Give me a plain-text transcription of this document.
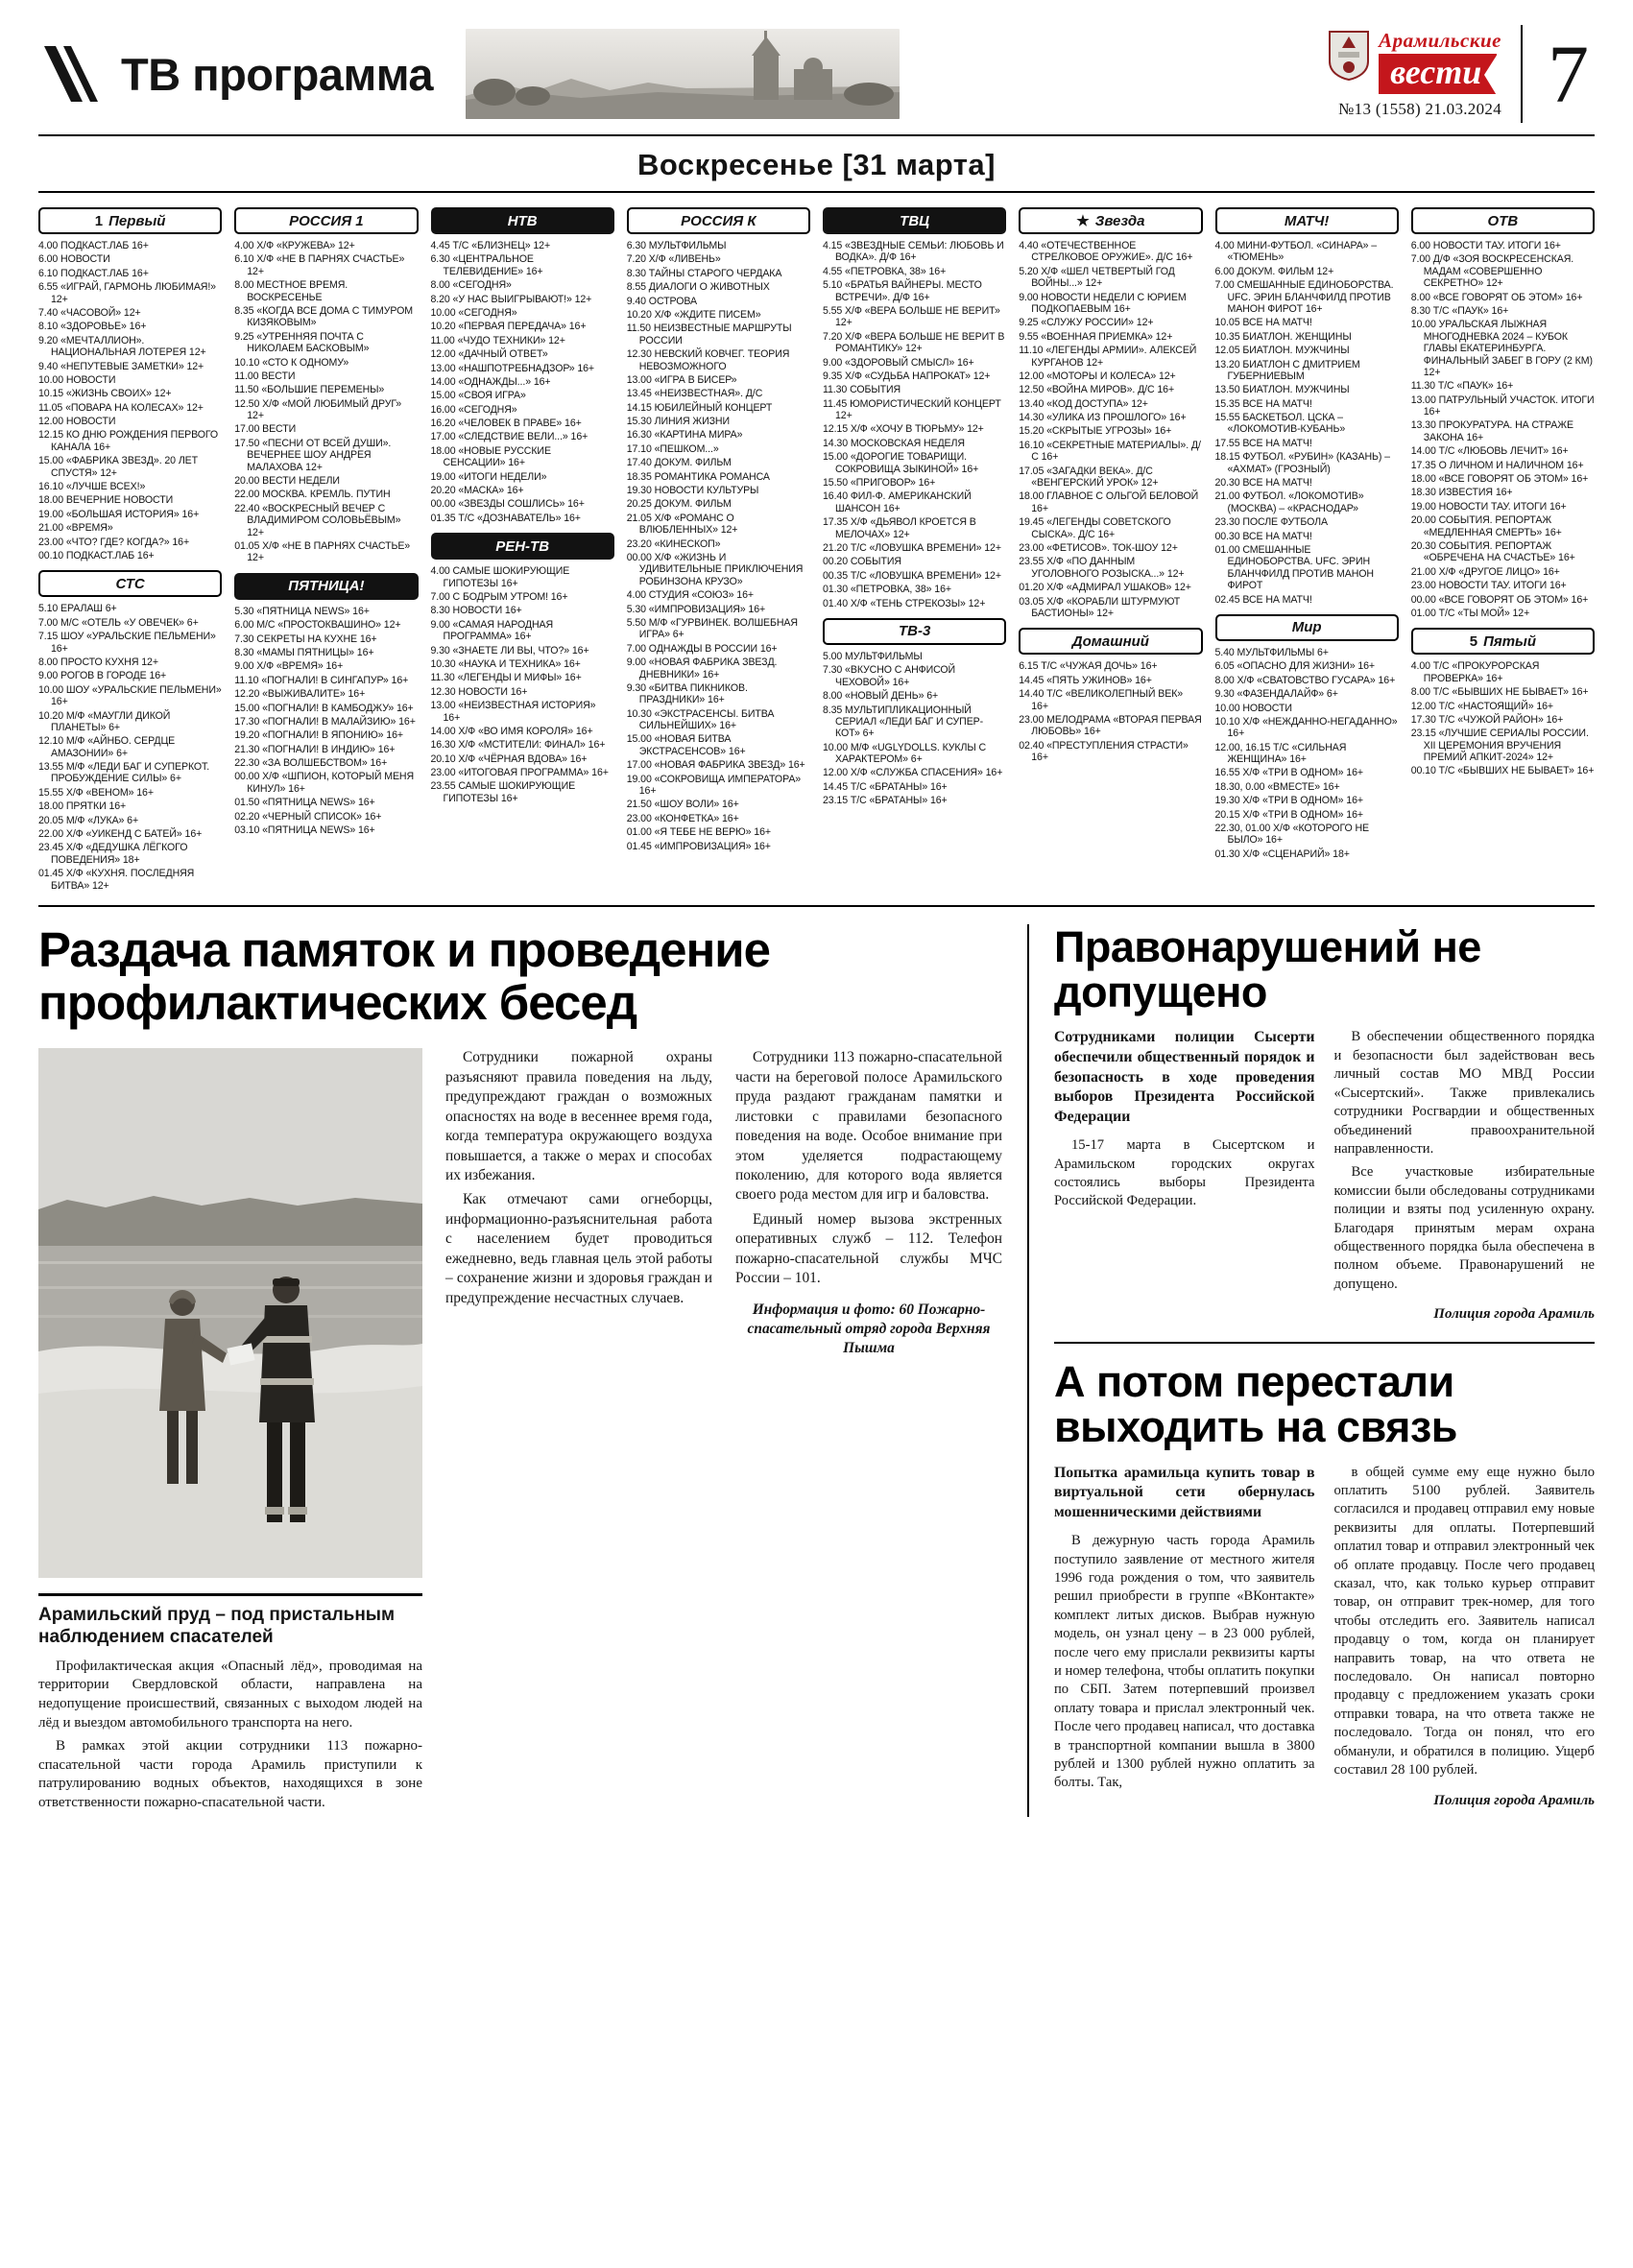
ТВ программа
Арамильские
вести
№13 (1558) 21.03.2024 7
Воскресенье [31 марта]
1 Первый
4.00 ПОДКАСТ.ЛАБ 16+
6.00 НОВОСТИ
6.10 ПОДКАСТ.ЛАБ 16+
6.55 «ИГРАЙ, ГАРМОНЬ ЛЮБИМАЯ!» 12+
7.40 «ЧАСОВОЙ» 12+
8.10 «ЗДОРОВЬЕ» 16+
9.20 «МЕЧТАЛЛИОН». НАЦИОНАЛЬНАЯ ЛОТЕРЕЯ 12+
9.40 «НЕПУТЕВЫЕ ЗАМЕТКИ» 12+
10.00 НОВОСТИ
10.15 «ЖИЗНЬ СВОИХ» 12+
11.05 «ПОВАРА НА КОЛЕСАХ» 12+
12.00 НОВОСТИ
12.15 КО ДНЮ РОЖДЕНИЯ ПЕРВОГО КАНАЛА 16+
15.00 «ФАБРИКА ЗВЕЗД». 20 ЛЕТ СПУСТЯ» 12+
16.10 «ЛУЧШЕ ВСЕХ!»
18.00 ВЕЧЕРНИЕ НОВОСТИ
19.00 «БОЛЬШАЯ ИСТОРИЯ» 16+
21.00 «ВРЕМЯ»
23.00 «ЧТО? ГДЕ? КОГДА?» 16+
00.10 ПОДКАСТ.ЛАБ 16+
СТС
5.10 ЕРАЛАШ 6+
7.00 М/С «ОТЕЛЬ «У ОВЕЧЕК» 6+
7.15 ШОУ «УРАЛЬСКИЕ ПЕЛЬМЕНИ» 16+
8.00 ПРОСТО КУХНЯ 12+
9.00 РОГОВ В ГОРОДЕ 16+
10.00 ШОУ «УРАЛЬСКИЕ ПЕЛЬМЕНИ» 16+
10.20 М/Ф «МАУГЛИ ДИКОЙ ПЛАНЕТЫ» 6+
12.10 М/Ф «АЙНБО. СЕРДЦЕ АМАЗОНИИ» 6+
13.55 М/Ф «ЛЕДИ БАГ И СУПЕРКОТ. ПРОБУЖДЕНИЕ СИЛЫ» 6+
15.55 Х/Ф «ВЕНОМ» 16+
18.00 ПРЯТКИ 16+
20.05 М/Ф «ЛУКА» 6+
22.00 Х/Ф «УИКЕНД С БАТЕЙ» 16+
23.45 Х/Ф «ДЕДУШКА ЛЁГКОГО ПОВЕДЕНИЯ» 18+
01.45 Х/Ф «КУХНЯ. ПОСЛЕДНЯЯ БИТВА» 12+
РОССИЯ 1
4.00 Х/Ф «КРУЖЕВА» 12+
6.10 Х/Ф «НЕ В ПАРНЯХ СЧАСТЬЕ» 12+
8.00 МЕСТНОЕ ВРЕМЯ. ВОСКРЕСЕНЬЕ
8.35 «КОГДА ВСЕ ДОМА С ТИМУРОМ КИЗЯКОВЫМ»
9.25 «УТРЕННЯЯ ПОЧТА С НИКОЛАЕМ БАСКОВЫМ»
10.10 «СТО К ОДНОМУ»
11.00 ВЕСТИ
11.50 «БОЛЬШИЕ ПЕРЕМЕНЫ»
12.50 Х/Ф «МОЙ ЛЮБИМЫЙ ДРУГ» 12+
17.00 ВЕСТИ
17.50 «ПЕСНИ ОТ ВСЕЙ ДУШИ». ВЕЧЕРНЕЕ ШОУ АНДРЕЯ МАЛАХОВА 12+
20.00 ВЕСТИ НЕДЕЛИ
22.00 МОСКВА. КРЕМЛЬ. ПУТИН
22.40 «ВОСКРЕСНЫЙ ВЕЧЕР С ВЛАДИМИРОМ СОЛОВЬЁВЫМ» 12+
01.05 Х/Ф «НЕ В ПАРНЯХ СЧАСТЬЕ» 12+
ПЯТНИЦА!
5.30 «ПЯТНИЦА NEWS» 16+
6.00 М/С «ПРОСТОКВАШИНО» 12+
7.30 СЕКРЕТЫ НА КУХНЕ 16+
8.30 «МАМЫ ПЯТНИЦЫ» 16+
9.00 Х/Ф «ВРЕМЯ» 16+
11.10 «ПОГНАЛИ! В СИНГАПУР» 16+
12.20 «ВЫЖИВАЛИТЕ» 16+
15.00 «ПОГНАЛИ! В КАМБОДЖУ» 16+
17.30 «ПОГНАЛИ! В МАЛАЙЗИЮ» 16+
19.20 «ПОГНАЛИ! В ЯПОНИЮ» 16+
21.30 «ПОГНАЛИ! В ИНДИЮ» 16+
22.30 «ЗА ВОЛШЕБСТВОМ» 16+
00.00 Х/Ф «ШПИОН, КОТОРЫЙ МЕНЯ КИНУЛ» 16+
01.50 «ПЯТНИЦА NEWS» 16+
02.20 «ЧЕРНЫЙ СПИСОК» 16+
03.10 «ПЯТНИЦА NEWS» 16+
НТВ
4.45 Т/С «БЛИЗНЕЦ» 12+
6.30 «ЦЕНТРАЛЬНОЕ ТЕЛЕВИДЕНИЕ» 16+
8.00 «СЕГОДНЯ»
8.20 «У НАС ВЫИГРЫВАЮТ!» 12+
10.00 «СЕГОДНЯ»
10.20 «ПЕРВАЯ ПЕРЕДАЧА» 16+
11.00 «ЧУДО ТЕХНИКИ» 12+
12.00 «ДАЧНЫЙ ОТВЕТ»
13.00 «НАШПОТРЕБНАДЗОР» 16+
14.00 «ОДНАЖДЫ...» 16+
15.00 «СВОЯ ИГРА»
16.00 «СЕГОДНЯ»
16.20 «ЧЕЛОВЕК В ПРАВЕ» 16+
17.00 «СЛЕДСТВИЕ ВЕЛИ...» 16+
18.00 «НОВЫЕ РУССКИЕ СЕНСАЦИИ» 16+
19.00 «ИТОГИ НЕДЕЛИ»
20.20 «МАСКА» 16+
00.00 «ЗВЕЗДЫ СОШЛИСЬ» 16+
01.35 Т/С «ДОЗНАВАТЕЛЬ» 16+
РЕН-ТВ
4.00 САМЫЕ ШОКИРУЮЩИЕ ГИПОТЕЗЫ 16+
7.00 С БОДРЫМ УТРОМ! 16+
8.30 НОВОСТИ 16+
9.00 «САМАЯ НАРОДНАЯ ПРОГРАММА» 16+
9.30 «ЗНАЕТЕ ЛИ ВЫ, ЧТО?» 16+
10.30 «НАУКА И ТЕХНИКА» 16+
11.30 «ЛЕГЕНДЫ И МИФЫ» 16+
12.30 НОВОСТИ 16+
13.00 «НЕИЗВЕСТНАЯ ИСТОРИЯ» 16+
14.00 Х/Ф «ВО ИМЯ КОРОЛЯ» 16+
16.30 Х/Ф «МСТИТЕЛИ: ФИНАЛ» 16+
20.10 Х/Ф «ЧЁРНАЯ ВДОВА» 16+
23.00 «ИТОГОВАЯ ПРОГРАММА» 16+
23.55 САМЫЕ ШОКИРУЮЩИЕ ГИПОТЕЗЫ 16+
РОССИЯ К
6.30 МУЛЬТФИЛЬМЫ
7.20 Х/Ф «ЛИВЕНЬ»
8.30 ТАЙНЫ СТАРОГО ЧЕРДАКА
8.55 ДИАЛОГИ О ЖИВОТНЫХ
9.40 ОСТРОВА
10.20 Х/Ф «ЖДИТЕ ПИСЕМ»
11.50 НЕИЗВЕСТНЫЕ МАРШРУТЫ РОССИИ
12.30 НЕВСКИЙ КОВЧЕГ. ТЕОРИЯ НЕВОЗМОЖНОГО
13.00 «ИГРА В БИСЕР»
13.45 «НЕИЗВЕСТНАЯ». Д/С
14.15 ЮБИЛЕЙНЫЙ КОНЦЕРТ
15.30 ЛИНИЯ ЖИЗНИ
16.30 «КАРТИНА МИРА»
17.10 «ПЕШКОМ...»
17.40 ДОКУМ. ФИЛЬМ
18.35 РОМАНТИКА РОМАНСА
19.30 НОВОСТИ КУЛЬТУРЫ
20.25 ДОКУМ. ФИЛЬМ
21.05 Х/Ф «РОМАНС О ВЛЮБЛЕННЫХ» 12+
23.20 «КИНЕСКОП»
00.00 Х/Ф «ЖИЗНЬ И УДИВИТЕЛЬНЫЕ ПРИКЛЮЧЕНИЯ РОБИНЗОНА КРУЗО»
4.00 СТУДИЯ «СОЮЗ» 16+
5.30 «ИМПРОВИЗАЦИЯ» 16+
5.50 М/Ф «ГУРВИНЕК. ВОЛШЕБНАЯ ИГРА» 6+
7.00 ОДНАЖДЫ В РОССИИ 16+
9.00 «НОВАЯ ФАБРИКА ЗВЕЗД. ДНЕВНИКИ» 16+
9.30 «БИТВА ПИКНИКОВ. ПРАЗДНИКИ» 16+
10.30 «ЭКСТРАСЕНСЫ. БИТВА СИЛЬНЕЙШИХ» 16+
15.00 «НОВАЯ БИТВА ЭКСТРАСЕНСОВ» 16+
17.00 «НОВАЯ ФАБРИКА ЗВЕЗД» 16+
19.00 «СОКРОВИЩА ИМПЕРАТОРА» 16+
21.50 «ШОУ ВОЛИ» 16+
23.00 «КОНФЕТКА» 16+
01.00 «Я ТЕБЕ НЕ ВЕРЮ» 16+
01.45 «ИМПРОВИЗАЦИЯ» 16+
ТВЦ
4.15 «ЗВЕЗДНЫЕ СЕМЬИ: ЛЮБОВЬ И ВОДКА». Д/Ф 16+
4.55 «ПЕТРОВКА, 38» 16+
5.10 «БРАТЬЯ ВАЙНЕРЫ. МЕСТО ВСТРЕЧИ». Д/Ф 16+
5.55 Х/Ф «ВЕРА БОЛЬШЕ НЕ ВЕРИТ» 12+
7.20 Х/Ф «ВЕРА БОЛЬШЕ НЕ ВЕРИТ В РОМАНТИКУ» 12+
9.00 «ЗДОРОВЫЙ СМЫСЛ» 16+
9.35 Х/Ф «СУДЬБА НАПРОКАТ» 12+
11.30 СОБЫТИЯ
11.45 ЮМОРИСТИЧЕСКИЙ КОНЦЕРТ 12+
12.15 Х/Ф «ХОЧУ В ТЮРЬМУ» 12+
14.30 МОСКОВСКАЯ НЕДЕЛЯ
15.00 «ДОРОГИЕ ТОВАРИЩИ. СОКРОВИЩА ЗЫКИНОЙ» 16+
15.50 «ПРИГОВОР» 16+
16.40 ФИЛ-Ф. АМЕРИКАНСКИЙ ШАНСОН 16+
17.35 Х/Ф «ДЬЯВОЛ КРОЕТСЯ В МЕЛОЧАХ» 12+
21.20 Т/С «ЛОВУШКА ВРЕМЕНИ» 12+
00.20 СОБЫТИЯ
00.35 Т/С «ЛОВУШКА ВРЕМЕНИ» 12+
01.30 «ПЕТРОВКА, 38» 16+
01.40 Х/Ф «ТЕНЬ СТРЕКОЗЫ» 12+
ТВ-3
5.00 МУЛЬТФИЛЬМЫ
7.30 «ВКУСНО С АНФИСОЙ ЧЕХОВОЙ» 16+
8.00 «НОВЫЙ ДЕНЬ» 6+
8.35 МУЛЬТИПЛИКАЦИОННЫЙ СЕРИАЛ «ЛЕДИ БАГ И СУПЕР-КОТ» 6+
10.00 М/Ф «UGLYDOLLS. КУКЛЫ С ХАРАКТЕРОМ» 6+
12.00 Х/Ф «СЛУЖБА СПАСЕНИЯ» 16+
14.45 Т/С «БРАТАНЫ» 16+
23.15 Т/С «БРАТАНЫ» 16+
★ Звезда
4.40 «ОТЕЧЕСТВЕННОЕ СТРЕЛКОВОЕ ОРУЖИЕ». Д/С 16+
5.20 Х/Ф «ШЕЛ ЧЕТВЕРТЫЙ ГОД ВОЙНЫ...» 12+
9.00 НОВОСТИ НЕДЕЛИ С ЮРИЕМ ПОДКОПАЕВЫМ 16+
9.25 «СЛУЖУ РОССИИ» 12+
9.55 «ВОЕННАЯ ПРИЕМКА» 12+
11.10 «ЛЕГЕНДЫ АРМИИ». АЛЕКСЕЙ КУРГАНОВ 12+
12.00 «МОТОРЫ И КОЛЕСА» 12+
12.50 «ВОЙНА МИРОВ». Д/С 16+
13.40 «КОД ДОСТУПА» 12+
14.30 «УЛИКА ИЗ ПРОШЛОГО» 16+
15.20 «СКРЫТЫЕ УГРОЗЫ» 16+
16.10 «СЕКРЕТНЫЕ МАТЕРИАЛЫ». Д/С 16+
17.05 «ЗАГАДКИ ВЕКА». Д/С «ВЕНГЕРСКИЙ УРОК» 12+
18.00 ГЛАВНОЕ С ОЛЬГОЙ БЕЛОВОЙ 16+
19.45 «ЛЕГЕНДЫ СОВЕТСКОГО СЫСКА». Д/С 16+
23.00 «ФЕТИСОВ». ТОК-ШОУ 12+
23.55 Х/Ф «ПО ДАННЫМ УГОЛОВНОГО РОЗЫСКА...» 12+
01.20 Х/Ф «АДМИРАЛ УШАКОВ» 12+
03.05 Х/Ф «КОРАБЛИ ШТУРМУЮТ БАСТИОНЫ» 12+
Домашний
6.15 Т/С «ЧУЖАЯ ДОЧЬ» 16+
14.45 «ПЯТЬ УЖИНОВ» 16+
14.40 Т/С «ВЕЛИКОЛЕПНЫЙ ВЕК» 16+
23.00 МЕЛОДРАМА «ВТОРАЯ ПЕРВАЯ ЛЮБОВЬ» 16+
02.40 «ПРЕСТУПЛЕНИЯ СТРАСТИ» 16+
МАТЧ!
4.00 МИНИ-ФУТБОЛ. «СИНАРА» – «ТЮМЕНЬ»
6.00 ДОКУМ. ФИЛЬМ 12+
7.00 СМЕШАННЫЕ ЕДИНОБОРСТВА. UFC. ЭРИН БЛАНЧФИЛД ПРОТИВ МАНОН ФИРОТ 16+
10.05 ВСЕ НА МАТЧ!
10.35 БИАТЛОН. ЖЕНЩИНЫ
12.05 БИАТЛОН. МУЖЧИНЫ
13.20 БИАТЛОН С ДМИТРИЕМ ГУБЕРНИЕВЫМ
13.50 БИАТЛОН. МУЖЧИНЫ
15.35 ВСЕ НА МАТЧ!
15.55 БАСКЕТБОЛ. ЦСКА – «ЛОКОМОТИВ-КУБАНЬ»
17.55 ВСЕ НА МАТЧ!
18.15 ФУТБОЛ. «РУБИН» (КАЗАНЬ) – «АХМАТ» (ГРОЗНЫЙ)
20.30 ВСЕ НА МАТЧ!
21.00 ФУТБОЛ. «ЛОКОМОТИВ» (МОСКВА) – «КРАСНОДАР»
23.30 ПОСЛЕ ФУТБОЛА
00.30 ВСЕ НА МАТЧ!
01.00 СМЕШАННЫЕ ЕДИНОБОРСТВА. UFC. ЭРИН БЛАНЧФИЛД ПРОТИВ МАНОН ФИРОТ
02.45 ВСЕ НА МАТЧ!
Мир
5.40 МУЛЬТФИЛЬМЫ 6+
6.05 «ОПАСНО ДЛЯ ЖИЗНИ» 16+
8.00 Х/Ф «СВАТОВСТВО ГУСАРА» 16+
9.30 «ФАЗЕНДАЛАЙФ» 6+
10.00 НОВОСТИ
10.10 Х/Ф «НЕЖДАННО-НЕГАДАННО» 16+
12.00, 16.15 Т/С «СИЛЬНАЯ ЖЕНЩИНА» 16+
16.55 Х/Ф «ТРИ В ОДНОМ» 16+
18.30, 0.00 «ВМЕСТЕ» 16+
19.30 Х/Ф «ТРИ В ОДНОМ» 16+
20.15 Х/Ф «ТРИ В ОДНОМ» 16+
22.30, 01.00 Х/Ф «КОТОРОГО НЕ БЫЛО» 16+
01.30 Х/Ф «СЦЕНАРИЙ» 18+
ОТВ
6.00 НОВОСТИ ТАУ. ИТОГИ 16+
7.00 Д/Ф «ЗОЯ ВОСКРЕСЕНСКАЯ. МАДАМ «СОВЕРШЕННО СЕКРЕТНО» 12+
8.00 «ВСЕ ГОВОРЯТ ОБ ЭТОМ» 16+
8.30 Т/С «ПАУК» 16+
10.00 УРАЛЬСКАЯ ЛЫЖНАЯ МНОГОДНЕВКА 2024 – КУБОК ГЛАВЫ ЕКАТЕРИНБУРГА. ФИНАЛЬНЫЙ ЗАБЕГ В ГОРУ (2 КМ) 12+
11.30 Т/С «ПАУК» 16+
13.00 ПАТРУЛЬНЫЙ УЧАСТОК. ИТОГИ 16+
13.30 ПРОКУРАТУРА. НА СТРАЖЕ ЗАКОНА 16+
14.00 Т/С «ЛЮБОВЬ ЛЕЧИТ» 16+
17.35 О ЛИЧНОМ И НАЛИЧНОМ 16+
18.00 «ВСЕ ГОВОРЯТ ОБ ЭТОМ» 16+
18.30 ИЗВЕСТИЯ 16+
19.00 НОВОСТИ ТАУ. ИТОГИ 16+
20.00 СОБЫТИЯ. РЕПОРТАЖ «МЕДЛЕННАЯ СМЕРТЬ» 16+
20.30 СОБЫТИЯ. РЕПОРТАЖ «ОБРЕЧЕНА НА СЧАСТЬЕ» 16+
21.00 Х/Ф «ДРУГОЕ ЛИЦО» 16+
23.00 НОВОСТИ ТАУ. ИТОГИ 16+
00.00 «ВСЕ ГОВОРЯТ ОБ ЭТОМ» 16+
01.00 Т/С «ТЫ МОЙ» 12+
5 Пятый
4.00 Т/С «ПРОКУРОРСКАЯ ПРОВЕРКА» 16+
8.00 Т/С «БЫВШИХ НЕ БЫВАЕТ» 16+
12.00 Т/С «НАСТОЯЩИЙ» 16+
17.30 Т/С «ЧУЖОЙ РАЙОН» 16+
23.15 «ЛУЧШИЕ СЕРИАЛЫ РОССИИ. XII ЦЕРЕМОНИЯ ВРУЧЕНИЯ ПРЕМИЙ АПКИТ-2024» 12+
00.10 Т/С «БЫВШИХ НЕ БЫВАЕТ» 16+
Раздача памяток и проведение профилактических бесед
Арамильский пруд – под пристальным наблюдением спасателей

Профилактическая акция «Опасный лёд», проводимая на территории Свердловской области, направлена на недопущение происшествий, связанных с выходом людей на лёд и выездом автомобильного транспорта на него.

В рамках этой акции сотрудники 113 пожарно-спасательной части города Арамиль приступили к патрулированию водных объектов, находящихся в зоне ответственности пожарно-спасательной части.

Сотрудники пожарной охраны разъясняют правила поведения на льду, предупреждают граждан о возможных опасностях на воде в весеннее время года, когда температура окружающего воздуха повышается, а также о мерах и способах их избежания.

Как отмечают сами огнеборцы, информационно-разъяснительная работа с населением будет проводиться ежедневно, ведь главная цель этой работы – сохранение жизни и здоровья граждан и предупреждение несчастных случаев.

Сотрудники 113 пожарно-спасательной части на береговой полосе Арамильского пруда раздают гражданам памятки и листовки с правилами безопасного поведения на воде. Особое внимание при этом уделяется подрастающему поколению, для которого вода является своего рода местом для игр и баловства.

Единый номер вызова экстренных оперативных служб – 112. Телефон пожарно-спасательной службы МЧС России – 101.

Информация и фото: 60 Пожарно-спасательный отряд города Верхняя Пышма
Правонарушений не допущено

Сотрудниками полиции Сысерти обеспечили общественный порядок и безопасность в ходе проведения выборов Президента Российской Федерации

15-17 марта в Сысертском и Арамильском городских округах состоялись выборы Президента Российской Федерации.

В обеспечении общественного порядка и безопасности был задействован весь личный состав МО МВД России «Сысертский». Также привлекались сотрудники Росгвардии и общественных объединений правоохранительной направленности.

Все участковые избирательные комиссии были обследованы сотрудниками полиции и взяты под усиленную охрану. Благодаря принятым мерам охрана общественного порядка была обеспечена в полном объеме. Правонарушений не допущено.

Полиция города Арамиль
А потом перестали выходить на связь

Попытка арамильца купить товар в виртуальной сети обернулась мошенническими действиями

В дежурную часть города Арамиль поступило заявление от местного жителя 1996 года рождения о том, что заявитель решил приобрести в группе «ВКонтакте» комплект литых дисков. Выбрав нужную модель, он узнал цену – в 23 000 рублей, после чего ему прислали реквизиты карты и номер телефона, чтобы оплатить покупки по СБП. Затем потерпевший произвел оплату товара и прислал электронный чек. После чего продавец написал, что доставка в транспортной компании вышла в 3800 рублей и 1300 рублей нужно оплатить за болты. Так,

в общей сумме ему еще нужно было оплатить 5100 рублей. Заявитель согласился и продавец отправил ему новые реквизиты для оплаты. Потерпевший оплатил товар и отправил электронный чек об оплате продавцу. После чего продавец сказал, что, как только курьер отправит товар, он отправит трек-номер, для того чтобы отследить его. Заявитель написал продавцу о том, когда он планирует направить товар, на что ответа не последовало. Он написал повторно продавцу с предложением указать сроки отправки товара, на что ответа также не последовало. Тогда он понял, что его обманули, и обратился в полицию. Ущерб составил 28 100 рублей.

Полиция города Арамиль
